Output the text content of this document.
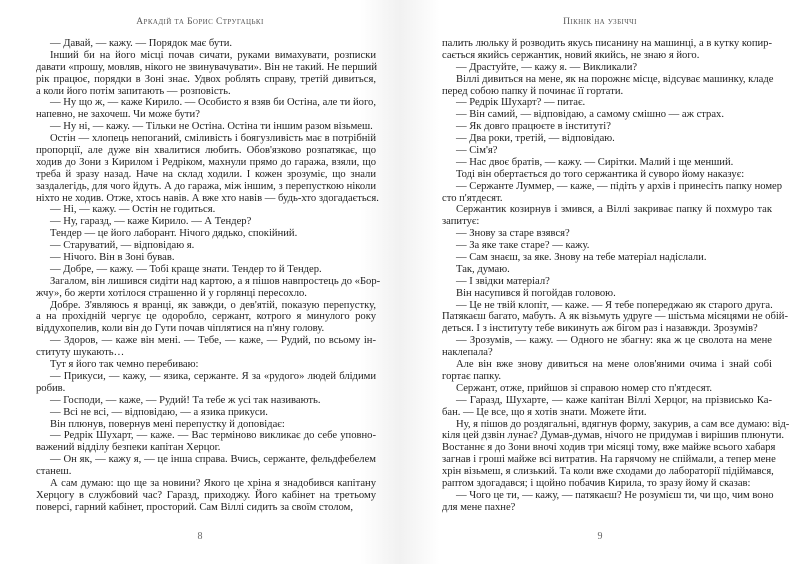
Аркадій та Борис Стругацькі
— Давай, — кажу. — Порядок має бути.
Інший би на його місці почав сичати, руками вимахувати, розписки
давати «прошу, мовляв, нікого не звинувачувати». Він не такий. Не перший
рік працює, порядки в Зоні знає. Удвох роблять справу, третій дивиться,
а коли його потім запитають — розповість.
— Ну що ж, — каже Кирило. — Особисто я взяв би Остіна, але ти його,
напевно, не захочеш. Чи може бути?
— Ну ні, — кажу. — Тільки не Остіна. Остіна ти іншим разом візьмеш.
Остін — хлопець непоганий, сміливість і боягузливість має в потрібній
пропорції, але дуже він хвалитися любить. Обов'язково розпатякає, що
ходив до Зони з Кирилом і Редріком, махнули прямо до гаража, взяли, що
треба й зразу назад. Наче на склад ходили. І кожен зрозуміє, що знали
заздалегідь, для чого йдуть. А до гаража, між іншим, з перепусткою ніколи
ніхто не ходив. Отже, хтось навів. А вже хто навів — будь-хто здогадається.
— Ні, — кажу. — Остін не годиться.
— Ну, гаразд, — каже Кирило. — А Тендер?
Тендер — це його лаборант. Нічого дядько, спокійний.
— Старуватий, — відповідаю я.
— Нічого. Він в Зоні бував.
— Добре, — кажу. — Тобі краще знати. Тендер то й Тендер.
Загалом, він лишився сидіти над картою, а я пішов навпростець до «Бор-
жчу», бо жерти хотілося страшенно й у горлянці пересохло.
Добре. З'являюсь я вранці, як завжди, о дев'ятій, показую перепустку,
а на прохідній чергує це одоробло, сержант, котрого я минулого року
віддухопелив, коли він до Гути почав чіплятися на п'яну голову.
— Здоров, — каже він мені. — Тебе, — каже, — Рудий, по всьому ін-
ституту шукають…
Тут я його так чемно перебиваю:
— Прикуси, — кажу, — язика, сержанте. Я за «рудого» людей блідими
робив.
— Господи, — каже, — Рудий! Та тебе ж усі так називають.
— Всі не всі, — відповідаю, — а язика прикуси.
Він плюнув, повернув мені перепустку й доповідає:
— Редрік Шухарт, — каже. — Вас терміново викликає до себе уповно-
важений відділу безпеки капітан Херцог.
— Он як, — кажу я, — це інша справа. Вчись, сержанте, фельдфебелем
станеш.
А сам думаю: що ще за новини? Якого це хріна я знадобився капітану
Херцогу в службовий час? Гаразд, приходжу. Його кабінет на третьому
поверсі, гарний кабінет, просторий. Сам Віллі сидить за своїм столом,
8
Пікнік на узбіччі
палить люльку й розводить якусь писанину на машинці, а в кутку копир-
сається якийсь сержантик, новий якийсь, не знаю я його.
— Драстуйте, — кажу я. — Викликали?
Віллі дивиться на мене, як на порожнє місце, відсуває машинку, кладе
перед собою папку й починає її гортати.
— Редрік Шухарт? — питає.
— Він самий, — відповідаю, а самому смішно — аж страх.
— Як довго працюєте в інституті?
— Два роки, третій, — відповідаю.
— Сім'я?
— Нас двоє братів, — кажу. — Сирітки. Малий і ще менший.
Тоді він обертається до того сержантика й суворо йому наказує:
— Сержанте Луммер, — каже, — підіть у архів і принесіть папку номер
сто п'ятдесят.
Сержантик козирнув і змився, а Віллі закриває папку й похмуро так
запитує:
— Знову за старе взявся?
— За яке таке старе? — кажу.
— Сам знаєш, за яке. Знову на тебе матеріал надіслали.
Так, думаю.
— І звідки матеріал?
Він насупився й погойдав головою.
— Це не твій клопіт, — каже. — Я тебе попереджаю як старого друга.
Патякаєш багато, мабуть. А як візьмуть удруге — шістьма місяцями не обій-
деться. І з інституту тебе викинуть аж бігом раз і назавжди. Зрозумів?
— Зрозумів, — кажу. — Одного не збагну: яка ж це сволота на мене
наклепала?
Але він вже знову дивиться на мене олов'яними очима і знай собі
гортає папку.
Сержант, отже, прийшов зі справою номер сто п'ятдесят.
— Гаразд, Шухарте, — каже капітан Віллі Херцог, на прізвисько Ка-
бан. — Це все, що я хотів знати. Можете йти.
Ну, я пішов до роздягальні, вдягнув форму, закурив, а сам все думаю: від-
кіля цей дзвін лунає? Думав-думав, нічого не придумав і вирішив плюнути.
Востаннє я до Зони вночі ходив три місяці тому, вже майже всього хабаря
загнав і гроші майже всі витратив. На гарячому не спіймали, а тепер мене
хрін візьмеш, я слизький. Та коли вже сходами до лабораторії підіймався,
раптом здогадався; і щойно побачив Кирила, то зразу йому й сказав:
— Чого це ти, — кажу, — патякаєш? Не розумієш ти, чи що, чим воно
для мене пахне?
9
